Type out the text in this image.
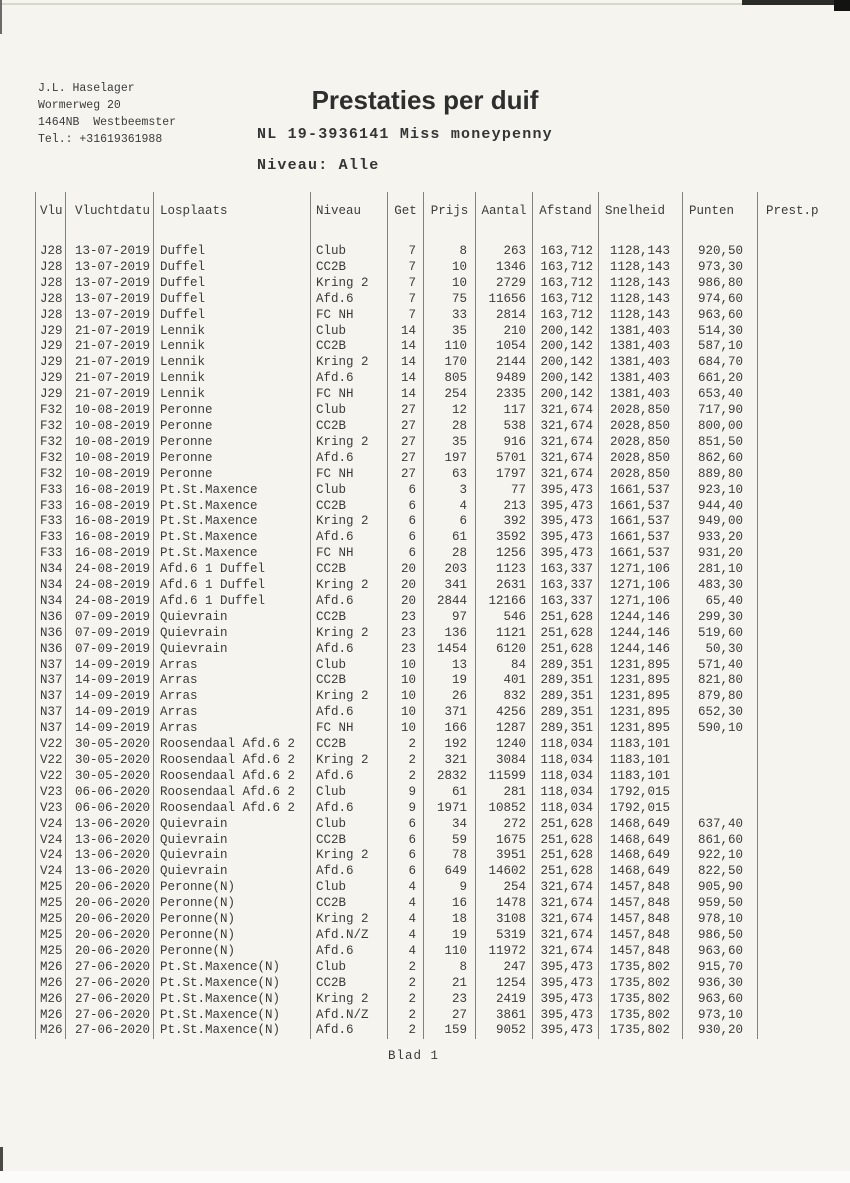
J.L. Haselager
Wormerweg 20
1464NB  Westbeemster
Tel.: +31619361988
Prestaties per duif
NL 19-3936141 Miss moneypenny
Niveau: Alle
Vlu	Vluchtdatu	Losplaats	Niveau	Get	Prijs	Aantal	Afstand	Snelheid	Punten	Prest.p
J28	13-07-2019	Duffel	Club	7	8	263	163,712	1128,143	920,50	
J28	13-07-2019	Duffel	CC2B	7	10	1346	163,712	1128,143	973,30	
J28	13-07-2019	Duffel	Kring 2	7	10	2729	163,712	1128,143	986,80	
J28	13-07-2019	Duffel	Afd.6	7	75	11656	163,712	1128,143	974,60	
J28	13-07-2019	Duffel	FC NH	7	33	2814	163,712	1128,143	963,60	
J29	21-07-2019	Lennik	Club	14	35	210	200,142	1381,403	514,30	
J29	21-07-2019	Lennik	CC2B	14	110	1054	200,142	1381,403	587,10	
J29	21-07-2019	Lennik	Kring 2	14	170	2144	200,142	1381,403	684,70	
J29	21-07-2019	Lennik	Afd.6	14	805	9489	200,142	1381,403	661,20	
J29	21-07-2019	Lennik	FC NH	14	254	2335	200,142	1381,403	653,40	
F32	10-08-2019	Peronne	Club	27	12	117	321,674	2028,850	717,90	
F32	10-08-2019	Peronne	CC2B	27	28	538	321,674	2028,850	800,00	
F32	10-08-2019	Peronne	Kring 2	27	35	916	321,674	2028,850	851,50	
F32	10-08-2019	Peronne	Afd.6	27	197	5701	321,674	2028,850	862,60	
F32	10-08-2019	Peronne	FC NH	27	63	1797	321,674	2028,850	889,80	
F33	16-08-2019	Pt.St.Maxence	Club	6	3	77	395,473	1661,537	923,10	
F33	16-08-2019	Pt.St.Maxence	CC2B	6	4	213	395,473	1661,537	944,40	
F33	16-08-2019	Pt.St.Maxence	Kring 2	6	6	392	395,473	1661,537	949,00	
F33	16-08-2019	Pt.St.Maxence	Afd.6	6	61	3592	395,473	1661,537	933,20	
F33	16-08-2019	Pt.St.Maxence	FC NH	6	28	1256	395,473	1661,537	931,20	
N34	24-08-2019	Afd.6 1 Duffel	CC2B	20	203	1123	163,337	1271,106	281,10	
N34	24-08-2019	Afd.6 1 Duffel	Kring 2	20	341	2631	163,337	1271,106	483,30	
N34	24-08-2019	Afd.6 1 Duffel	Afd.6	20	2844	12166	163,337	1271,106	65,40	
N36	07-09-2019	Quievrain	CC2B	23	97	546	251,628	1244,146	299,30	
N36	07-09-2019	Quievrain	Kring 2	23	136	1121	251,628	1244,146	519,60	
N36	07-09-2019	Quievrain	Afd.6	23	1454	6120	251,628	1244,146	50,30	
N37	14-09-2019	Arras	Club	10	13	84	289,351	1231,895	571,40	
N37	14-09-2019	Arras	CC2B	10	19	401	289,351	1231,895	821,80	
N37	14-09-2019	Arras	Kring 2	10	26	832	289,351	1231,895	879,80	
N37	14-09-2019	Arras	Afd.6	10	371	4256	289,351	1231,895	652,30	
N37	14-09-2019	Arras	FC NH	10	166	1287	289,351	1231,895	590,10	
V22	30-05-2020	Roosendaal Afd.6 2	CC2B	2	192	1240	118,034	1183,101		
V22	30-05-2020	Roosendaal Afd.6 2	Kring 2	2	321	3084	118,034	1183,101		
V22	30-05-2020	Roosendaal Afd.6 2	Afd.6	2	2832	11599	118,034	1183,101		
V23	06-06-2020	Roosendaal Afd.6 2	Club	9	61	281	118,034	1792,015		
V23	06-06-2020	Roosendaal Afd.6 2	Afd.6	9	1971	10852	118,034	1792,015		
V24	13-06-2020	Quievrain	Club	6	34	272	251,628	1468,649	637,40	
V24	13-06-2020	Quievrain	CC2B	6	59	1675	251,628	1468,649	861,60	
V24	13-06-2020	Quievrain	Kring 2	6	78	3951	251,628	1468,649	922,10	
V24	13-06-2020	Quievrain	Afd.6	6	649	14602	251,628	1468,649	822,50	
M25	20-06-2020	Peronne(N)	Club	4	9	254	321,674	1457,848	905,90	
M25	20-06-2020	Peronne(N)	CC2B	4	16	1478	321,674	1457,848	959,50	
M25	20-06-2020	Peronne(N)	Kring 2	4	18	3108	321,674	1457,848	978,10	
M25	20-06-2020	Peronne(N)	Afd.N/Z	4	19	5319	321,674	1457,848	986,50	
M25	20-06-2020	Peronne(N)	Afd.6	4	110	11972	321,674	1457,848	963,60	
M26	27-06-2020	Pt.St.Maxence(N)	Club	2	8	247	395,473	1735,802	915,70	
M26	27-06-2020	Pt.St.Maxence(N)	CC2B	2	21	1254	395,473	1735,802	936,30	
M26	27-06-2020	Pt.St.Maxence(N)	Kring 2	2	23	2419	395,473	1735,802	963,60	
M26	27-06-2020	Pt.St.Maxence(N)	Afd.N/Z	2	27	3861	395,473	1735,802	973,10	
M26	27-06-2020	Pt.St.Maxence(N)	Afd.6	2	159	9052	395,473	1735,802	930,20	
Blad 1
